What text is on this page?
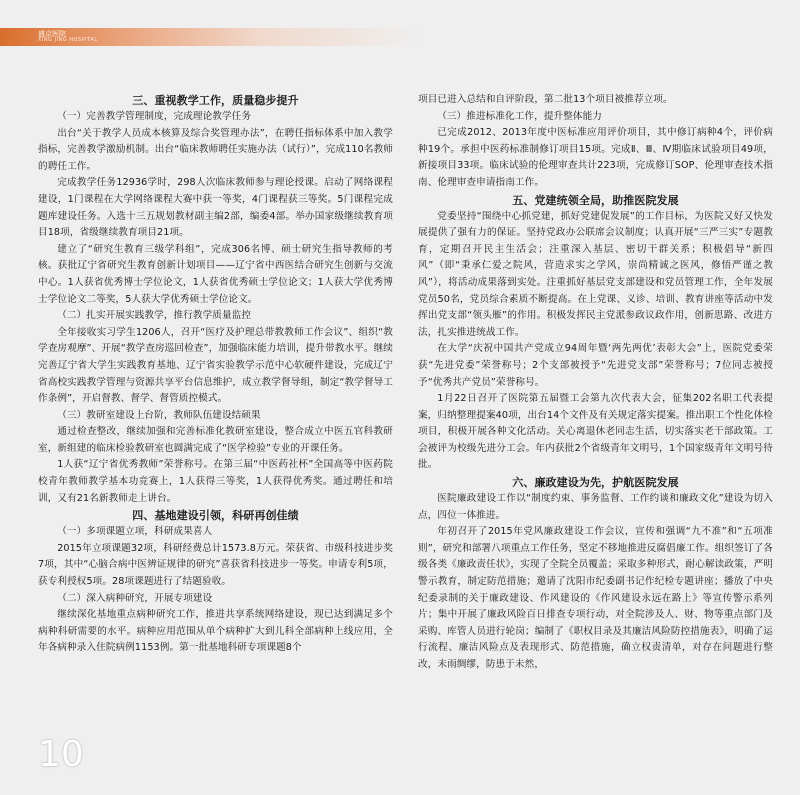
盛京医院
XING JING HOSPITAL
三、重视教学工作，质量稳步提升
（一）完善教学管理制度，完成理论教学任务

出台“关于教学人员成本核算及综合奖管理办法”，在聘任指标体系中加入教学指标，完善教学激励机制。出台“临床教师聘任实施办法（试行）”，完成110名教师的聘任工作。

完成教学任务12936学时，298人次临床教师参与理论授课。启动了网络课程建设，1门课程在大学网络课程大赛中获一等奖，4门课程获三等奖。5门课程完成题库建设任务。入选十三五规划教材副主编2部，编委4部。举办国家级继续教育项目18项，省级继续教育项目21项。

建立了“研究生教育三级学科组”，完成306名博、硕士研究生指导教师的考核。获批辽宁省研究生教育创新计划项目——辽宁省中西医结合研究生创新与交流中心。1人获省优秀博士学位论文，1人获省优秀硕士学位论文；1人获大学优秀博士学位论文二等奖，5人获大学优秀硕士学位论文。

（二）扎实开展实践教学，推行教学质量监控

全年接收实习学生1206人，召开“医疗及护理总带教教师工作会议”、组织“教学查房观摩”、开展“教学查房巡回检查”，加强临床能力培训，提升带教水平。继续完善辽宁省大学生实践教育基地、辽宁省实验教学示范中心软硬件建设，完成辽宁省高校实践教学管理与资源共享平台信息维护，成立教学督导组，制定“教学督导工作条例”，开启督教、督学、督管质控模式。

（三）教研室建设上台阶，教师队伍建设结硕果

通过检查整改，继续加强和完善标准化教研室建设，整合成立中医五官科教研室，新组建的临床检验教研室也圆满完成了“医学检验”专业的开课任务。

1人获“辽宁省优秀教师”荣誉称号。在第三届“中医药社杯”全国高等中医药院校青年教师教学基本功竞赛上，1人获得三等奖，1人获得优秀奖。通过聘任和培训，又有21名新教师走上讲台。

四、基地建设引领，科研再创佳绩
（一）多项课题立项，科研成果喜人

2015年立项课题32项，科研经费总计1573.8万元。荣获省、市级科技进步奖7项，其中“心脑合病中医辨证规律的研究”喜获省科技进步一等奖。申请专利5项，获专利授权5项。28项课题进行了结题验收。

（二）深入病种研究，开展专项建设

继续深化基地重点病种研究工作，推进共享系统网络建设，现已达到满足多个病种科研需要的水平。病种应用范围从单个病种扩大到儿科全部病种上线应用，全年各病种录入住院病例1153例。第一批基地科研专项课题8个

项目已进入总结和自评阶段，第二批13个项目被推荐立项。

（三）推进标准化工作，提升整体能力

已完成2012、2013年度中医标准应用评价项目，其中修订病种4个，评价病种19个。承担中医药标准制修订项目15项。完成Ⅱ、Ⅲ、Ⅳ期临床试验项目49项，新接项目33项。临床试验的伦理审查共计223项，完成修订SOP、伦理审查技术指南、伦理审查申请指南工作。

五、党建统领全局，助推医院发展

党委坚持“围绕中心抓党建，抓好党建促发展”的工作目标，为医院又好又快发展提供了强有力的保证。坚持党政办公联席会议制度；认真开展“三严三实”专题教育，定期召开民主生活会；注重深入基层、密切干群关系；积极倡导“新四风”（即“秉承仁爱之院风，营造求实之学风，崇尚精诚之医风，修悟严谨之教风”），将活动成果落到实处。注重抓好基层党支部建设和党员管理工作，全年发展党员50名，党员综合素质不断提高。在上党课、义诊、培训、教育讲座等活动中发挥出党支部“领头雁”的作用。积极发挥民主党派参政议政作用，创新思路、改进方法，扎实推进统战工作。

在大学“庆祝中国共产党成立94周年暨‘两先两优’表彰大会”上，医院党委荣获“先进党委”荣誉称号；2个支部被授予“先进党支部”荣誉称号；7位同志被授予“优秀共产党员”荣誉称号。

1月22日召开了医院第五届暨工会第九次代表大会，征集202名职工代表提案，归纳整理提案40项，出台14个文件及有关规定落实提案。推出职工个性化体检项目，积极开展各种文化活动。关心离退休老同志生活，切实落实老干部政策。工会被评为校级先进分工会。年内获批2个省级青年文明号，1个国家级青年文明号待批。

六、廉政建设为先，护航医院发展

医院廉政建设工作以“制度约束、事务监督、工作约谈和廉政文化”建设为切入点，四位一体推进。

年初召开了2015年党风廉政建设工作会议，宣传和强调“九不准”和“五项准则”，研究和部署八项重点工作任务，坚定不移地推进反腐倡廉工作。组织签订了各级各类《廉政责任状》，实现了全院全员覆盖；采取多种形式，耐心解读政策，严明警示教育，制定防范措施；邀请了沈阳市纪委副书记作纪检专题讲座；播放了中央纪委录制的关于廉政建设、作风建设的《作风建设永远在路上》等宣传警示系列片；集中开展了廉政风险百日排查专项行动，对全院涉及人、财、物等重点部门及采购、库管人员进行轮岗；编制了《职权目录及其廉洁风险防控措施表》，明确了运行流程、廉洁风险点及表现形式、防范措施，确立权责清单，对存在问题进行整改，未雨绸缪，防患于未然，

10
